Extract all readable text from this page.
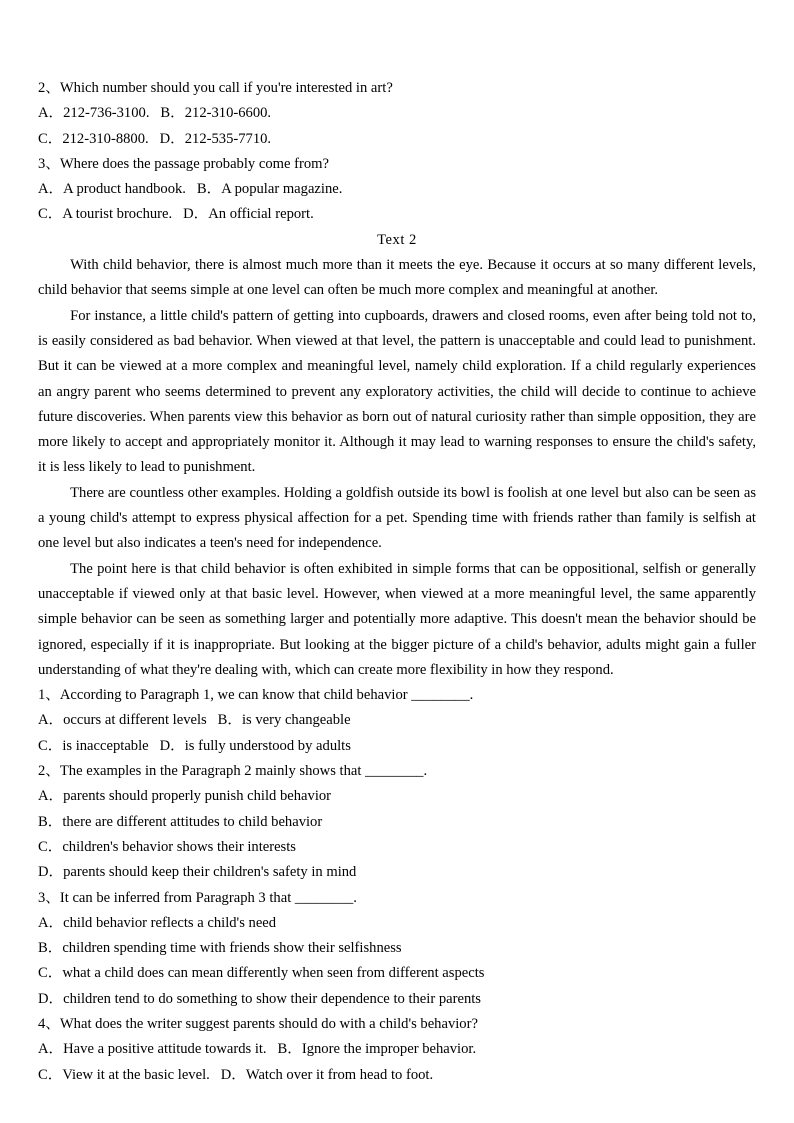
2、Which number should you call if you're interested in art?
A．212-736-3100.   B．212-310-6600.
C．212-310-8800.   D．212-535-7710.
3、Where does the passage probably come from?
A．A product handbook.   B．A popular magazine.
C．A tourist brochure.   D．An official report.
Text 2
With child behavior, there is almost much more than it meets the eye. Because it occurs at so many different levels, child behavior that seems simple at one level can often be much more complex and meaningful at another.
For instance, a little child's pattern of getting into cupboards, drawers and closed rooms, even after being told not to, is easily considered as bad behavior. When viewed at that level, the pattern is unacceptable and could lead to punishment. But it can be viewed at a more complex and meaningful level, namely child exploration. If a child regularly experiences an angry parent who seems determined to prevent any exploratory activities, the child will decide to continue to achieve future discoveries. When parents view this behavior as born out of natural curiosity rather than simple opposition, they are more likely to accept and appropriately monitor it. Although it may lead to warning responses to ensure the child's safety, it is less likely to lead to punishment.
There are countless other examples. Holding a goldfish outside its bowl is foolish at one level but also can be seen as a young child's attempt to express physical affection for a pet. Spending time with friends rather than family is selfish at one level but also indicates a teen's need for independence.
The point here is that child behavior is often exhibited in simple forms that can be oppositional, selfish or generally unacceptable if viewed only at that basic level. However, when viewed at a more meaningful level, the same apparently simple behavior can be seen as something larger and potentially more adaptive. This doesn't mean the behavior should be ignored, especially if it is inappropriate. But looking at the bigger picture of a child's behavior, adults might gain a fuller understanding of what they're dealing with, which can create more flexibility in how they respond.
1、According to Paragraph 1, we can know that child behavior ________.
A．occurs at different levels   B．is very changeable
C．is inacceptable   D．is fully understood by adults
2、The examples in the Paragraph 2 mainly shows that ________.
A．parents should properly punish child behavior
B．there are different attitudes to child behavior
C．children's behavior shows their interests
D．parents should keep their children's safety in mind
3、It can be inferred from Paragraph 3 that ________.
A．child behavior reflects a child's need
B．children spending time with friends show their selfishness
C．what a child does can mean differently when seen from different aspects
D．children tend to do something to show their dependence to their parents
4、What does the writer suggest parents should do with a child's behavior?
A．Have a positive attitude towards it.   B．Ignore the improper behavior.
C．View it at the basic level.   D．Watch over it from head to foot.
